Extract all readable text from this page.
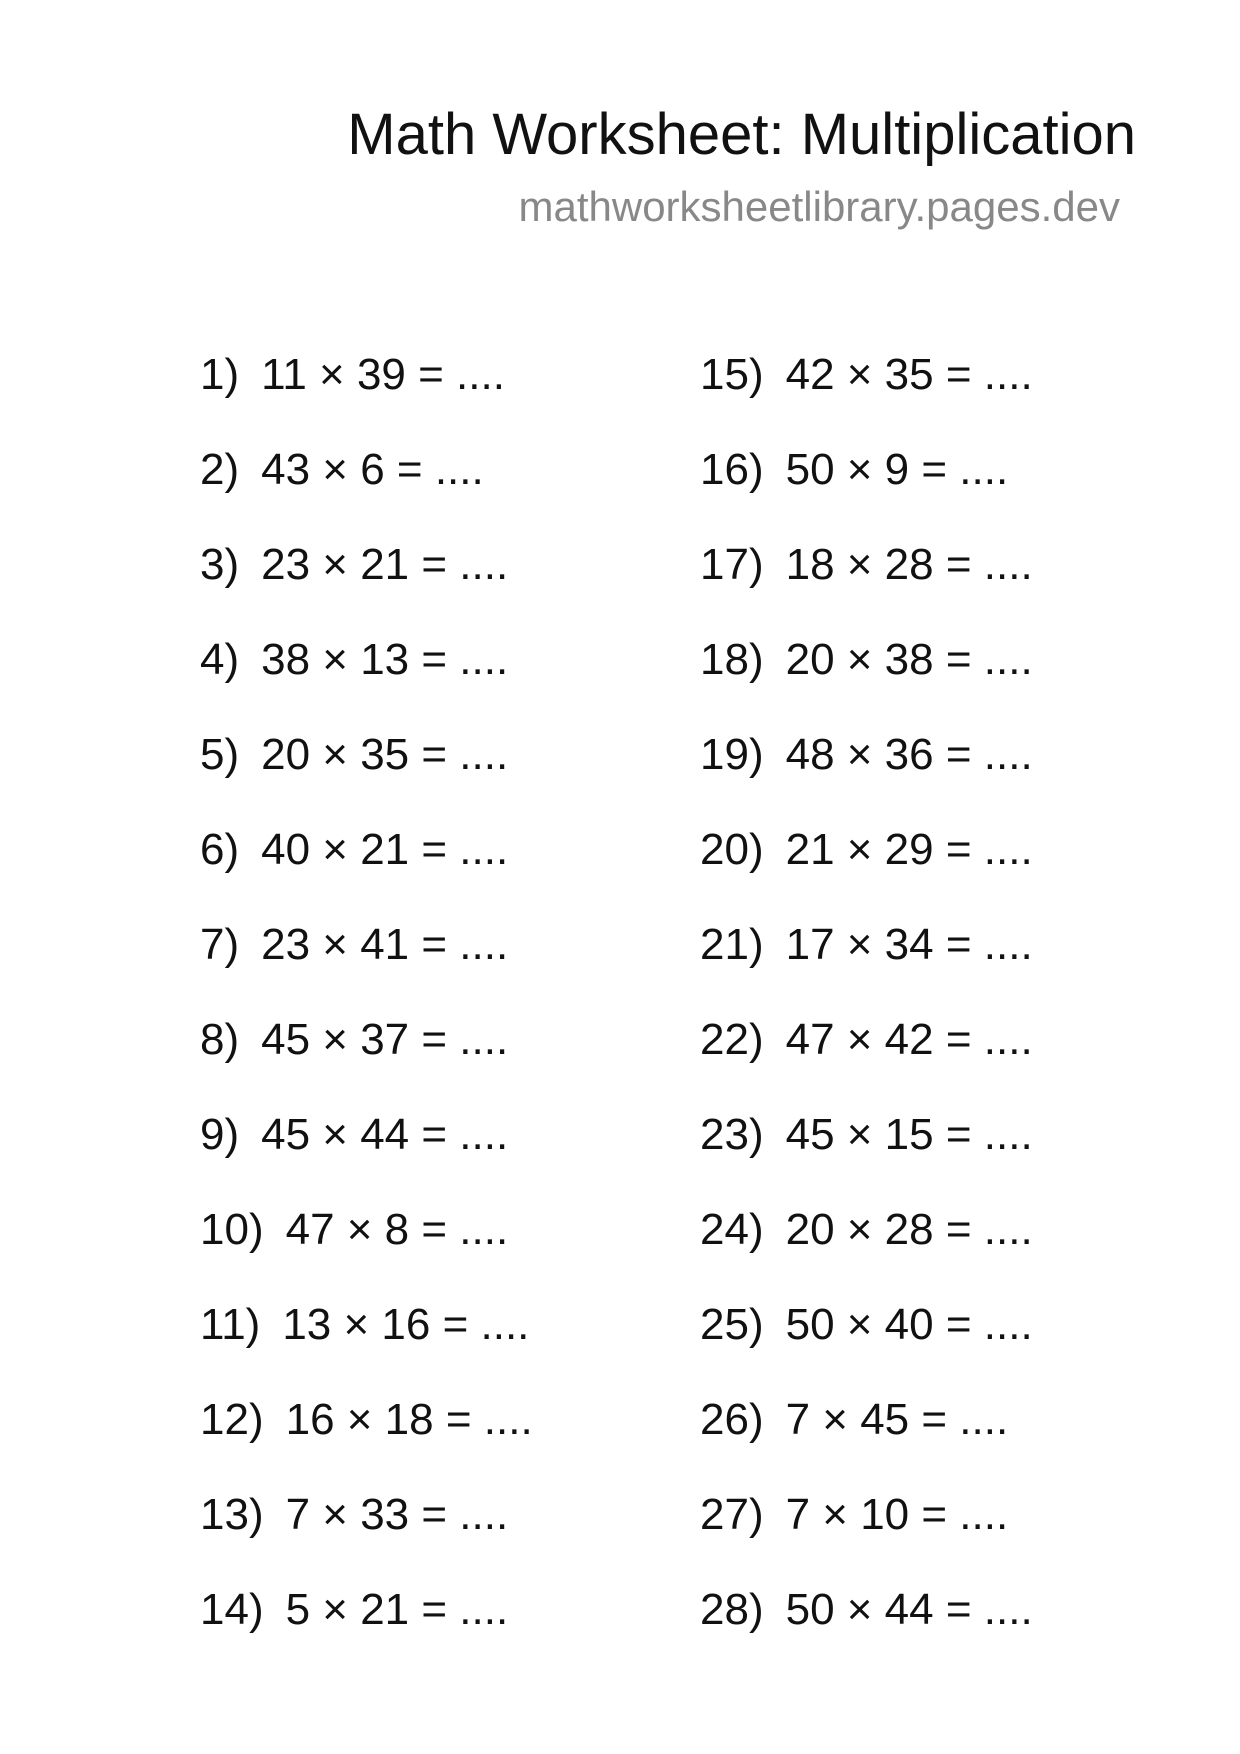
Math Worksheet: Multiplication
mathworksheetlibrary.pages.dev
1) 11 × 39 = ....
2) 43 × 6 = ....
3) 23 × 21 = ....
4) 38 × 13 = ....
5) 20 × 35 = ....
6) 40 × 21 = ....
7) 23 × 41 = ....
8) 45 × 37 = ....
9) 45 × 44 = ....
10) 47 × 8 = ....
11) 13 × 16 = ....
12) 16 × 18 = ....
13) 7 × 33 = ....
14) 5 × 21 = ....
15) 42 × 35 = ....
16) 50 × 9 = ....
17) 18 × 28 = ....
18) 20 × 38 = ....
19) 48 × 36 = ....
20) 21 × 29 = ....
21) 17 × 34 = ....
22) 47 × 42 = ....
23) 45 × 15 = ....
24) 20 × 28 = ....
25) 50 × 40 = ....
26) 7 × 45 = ....
27) 7 × 10 = ....
28) 50 × 44 = ....
